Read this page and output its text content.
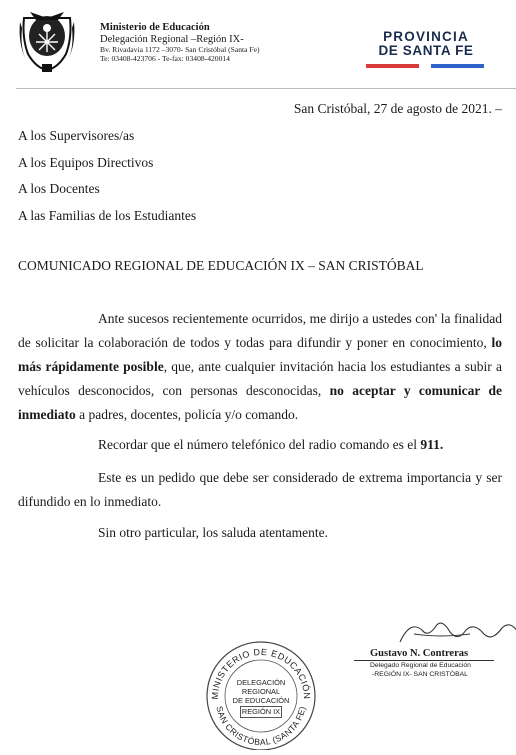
Ministerio de Educación
Delegación Regional –Región IX-
Bv. Rivadavia 1172 –3070- San Cristóbal (Santa Fe)
Te: 03408-423706 - Te-fax: 03408-420014
PROVINCIA
DE SANTA FE
San Cristóbal, 27 de agosto de 2021. –
A los Supervisores/as
A los Equipos Directivos
A los Docentes
A las Familias de los Estudiantes
COMUNICADO REGIONAL DE EDUCACIÓN IX – SAN CRISTÓBAL
Ante sucesos recientemente ocurridos, me dirijo a ustedes con' la finalidad de solicitar la colaboración de todos y todas para difundir y poner en conocimiento, lo más rápidamente posible, que, ante cualquier invitación hacia los estudiantes a subir a vehículos desconocidos, con personas desconocidas, no aceptar y comunicar de inmediato a padres, docentes, policía y/o comando.
Recordar que el número telefónico del radio comando es el 911.
Este es un pedido que debe ser considerado de extrema importancia y ser difundido en lo inmediato.
Sin otro particular, los saluda atentamente.
Gustavo N. Contreras
Delegado Regional de Educación
-REGIÓN IX- SAN CRISTÓBAL
MINISTERIO DE EDUCACIÓN
SAN CRISTÓBAL (SANTA FE)
DELEGACIÓN
REGIONAL
DE EDUCACIÓN
REGIÓN IX
